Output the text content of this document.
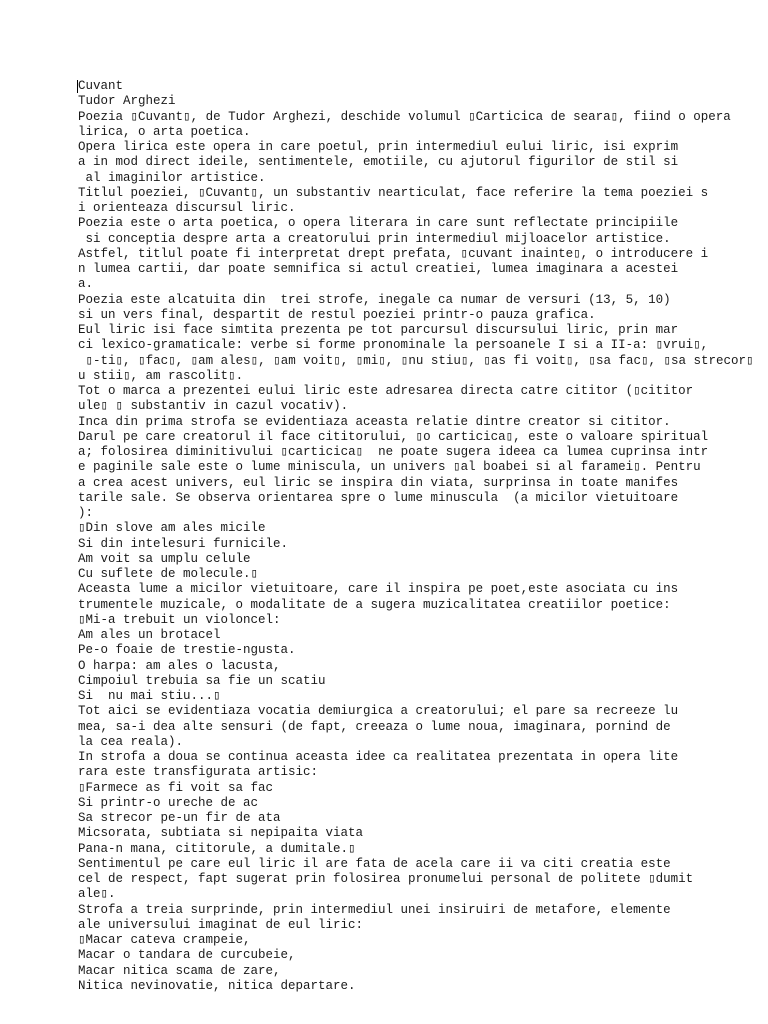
Cuvant
Tudor Arghezi
Poezia ▯Cuvant▯, de Tudor Arghezi, deschide volumul ▯Carticica de seara▯, fiind o opera
lirica, o arta poetica.
Opera lirica este opera in care poetul, prin intermediul eului liric, isi exprim
a in mod direct ideile, sentimentele, emotiile, cu ajutorul figurilor de stil si
al imaginilor artistice.
Titlul poeziei, ▯Cuvant▯, un substantiv nearticulat, face referire la tema poeziei s
i orienteaza discursul liric.
Poezia este o arta poetica, o opera literara in care sunt reflectate principiile
si conceptia despre arta a creatorului prin intermediul mijloacelor artistice.
Astfel, titlul poate fi interpretat drept prefata, ▯cuvant inainte▯, o introducere i
n lumea cartii, dar poate semnifica si actul creatiei, lumea imaginara a acestei
a.
Poezia este alcatuita din  trei strofe, inegale ca numar de versuri (13, 5, 10)
si un vers final, despartit de restul poeziei printr-o pauza grafica.
Eul liric isi face simtita prezenta pe tot parcursul discursului liric, prin mar
ci lexico-gramaticale: verbe si forme pronominale la persoanele I si a II-a: ▯vrui▯,
▯-ti▯, ▯fac▯, ▯am ales▯, ▯am voit▯, ▯mi▯, ▯nu stiu▯, ▯as fi voit▯, ▯sa fac▯, ▯sa strecor▯
u stii▯, am rascolit▯.
Tot o marca a prezentei eului liric este adresarea directa catre cititor (▯cititor
ule▯ ▯ substantiv in cazul vocativ).
Inca din prima strofa se evidentiaza aceasta relatie dintre creator si cititor.
Darul pe care creatorul il face cititorului, ▯o carticica▯, este o valoare spiritual
a; folosirea diminitivului ▯carticica▯  ne poate sugera ideea ca lumea cuprinsa intr
e paginile sale este o lume miniscula, un univers ▯al boabei si al faramei▯. Pentru
a crea acest univers, eul liric se inspira din viata, surprinsa in toate manifes
tarile sale. Se observa orientarea spre o lume minuscula  (a micilor vietuitoare
):
▯Din slove am ales micile
Si din intelesuri furnicile.
Am voit sa umplu celule
Cu suflete de molecule.▯
Aceasta lume a micilor vietuitoare, care il inspira pe poet,este asociata cu ins
trumentele muzicale, o modalitate de a sugera muzicalitatea creatiilor poetice:
▯Mi-a trebuit un violoncel:
Am ales un brotacel
Pe-o foaie de trestie-ngusta.
O harpa: am ales o lacusta,
Cimpoiul trebuia sa fie un scatiu
Si  nu mai stiu...▯
Tot aici se evidentiaza vocatia demiurgica a creatorului; el pare sa recreeze lu
mea, sa-i dea alte sensuri (de fapt, creeaza o lume noua, imaginara, pornind de
la cea reala).
In strofa a doua se continua aceasta idee ca realitatea prezentata in opera lite
rara este transfigurata artisic:
▯Farmece as fi voit sa fac
Si printr-o ureche de ac
Sa strecor pe-un fir de ata
Micsorata, subtiata si nepipaita viata
Pana-n mana, cititorule, a dumitale.▯
Sentimentul pe care eul liric il are fata de acela care ii va citi creatia este
cel de respect, fapt sugerat prin folosirea pronumelui personal de politete ▯dumit
ale▯.
Strofa a treia surprinde, prin intermediul unei insiruiri de metafore, elemente
ale universului imaginat de eul liric:
▯Macar cateva crampeie,
Macar o tandara de curcubeie,
Macar nitica scama de zare,
Nitica nevinovatie, nitica departare.
